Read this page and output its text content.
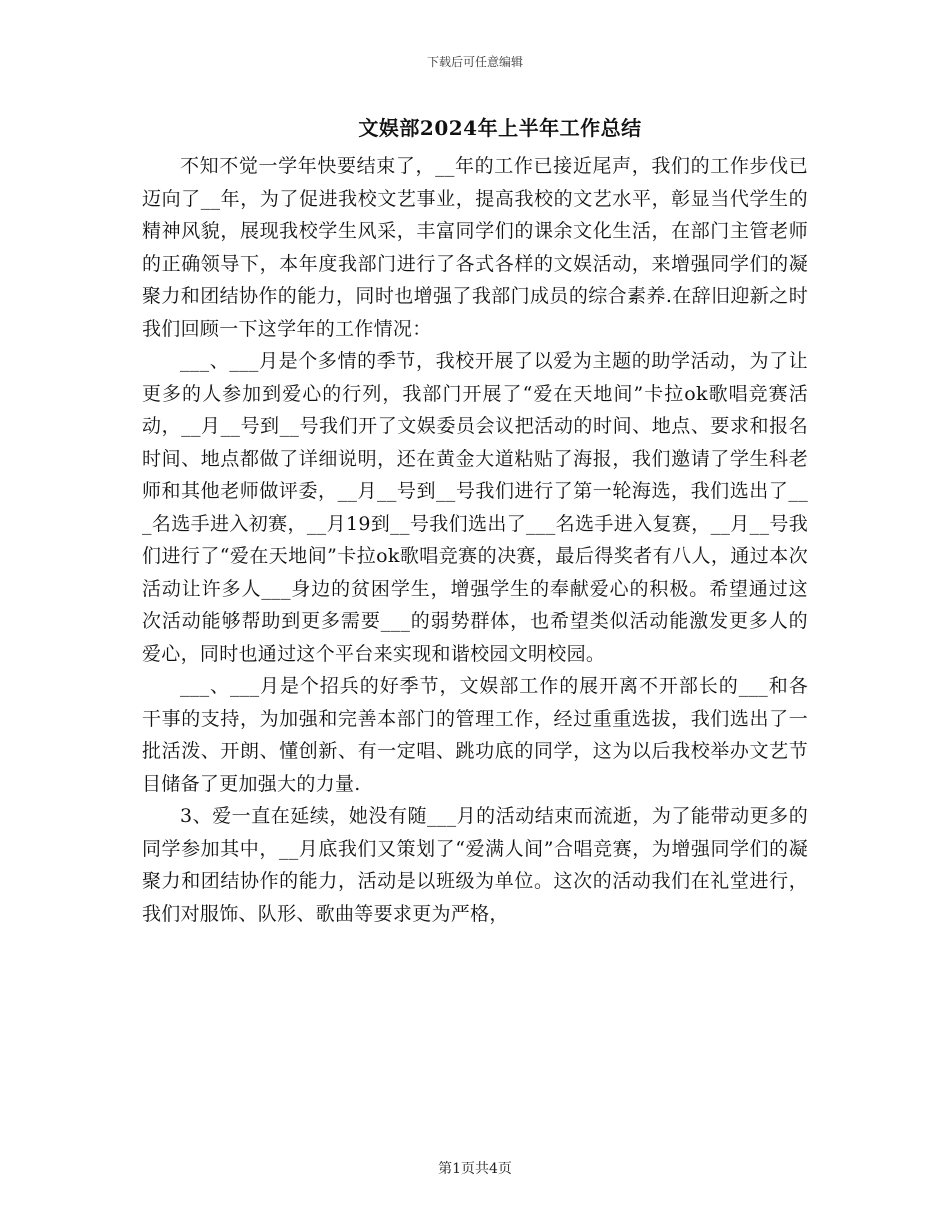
下载后可任意编辑
文娱部2024年上半年工作总结

不知不觉一学年快要结束了，__年的工作已接近尾声，我们的工作步伐已迈向了__年，为了促进我校文艺事业，提高我校的文艺水平，彰显当代学生的精神风貌，展现我校学生风采，丰富同学们的课余文化生活，在部门主管老师的正确领导下，本年度我部门进行了各式各样的文娱活动，来增强同学们的凝聚力和团结协作的能力，同时也增强了我部门成员的综合素养.在辞旧迎新之时我们回顾一下这学年的工作情况：

___、___月是个多情的季节，我校开展了以爱为主题的助学活动，为了让更多的人参加到爱心的行列，我部门开展了“爱在天地间”卡拉ok歌唱竞赛活动，__月__号到__号我们开了文娱委员会议把活动的时间、地点、要求和报名时间、地点都做了详细说明，还在黄金大道粘贴了海报，我们邀请了学生科老师和其他老师做评委，__月__号到__号我们进行了第一轮海选，我们选出了___名选手进入初赛，__月19到__号我们选出了___名选手进入复赛，__月__号我们进行了“爱在天地间”卡拉ok歌唱竞赛的决赛，最后得奖者有八人，通过本次活动让许多人___身边的贫困学生，增强学生的奉献爱心的积极。希望通过这次活动能够帮助到更多需要___的弱势群体，也希望类似活动能激发更多人的爱心，同时也通过这个平台来实现和谐校园文明校园。

___、___月是个招兵的好季节，文娱部工作的展开离不开部长的___和各干事的支持，为加强和完善本部门的管理工作，经过重重选拔，我们选出了一批活泼、开朗、懂创新、有一定唱、跳功底的同学，这为以后我校举办文艺节目储备了更加强大的力量.

3、爱一直在延续，她没有随___月的活动结束而流逝，为了能带动更多的同学参加其中，__月底我们又策划了“爱满人间”合唱竞赛，为增强同学们的凝聚力和团结协作的能力，活动是以班级为单位。这次的活动我们在礼堂进行，我们对服饰、队形、歌曲等要求更为严格，

第1页共4页
